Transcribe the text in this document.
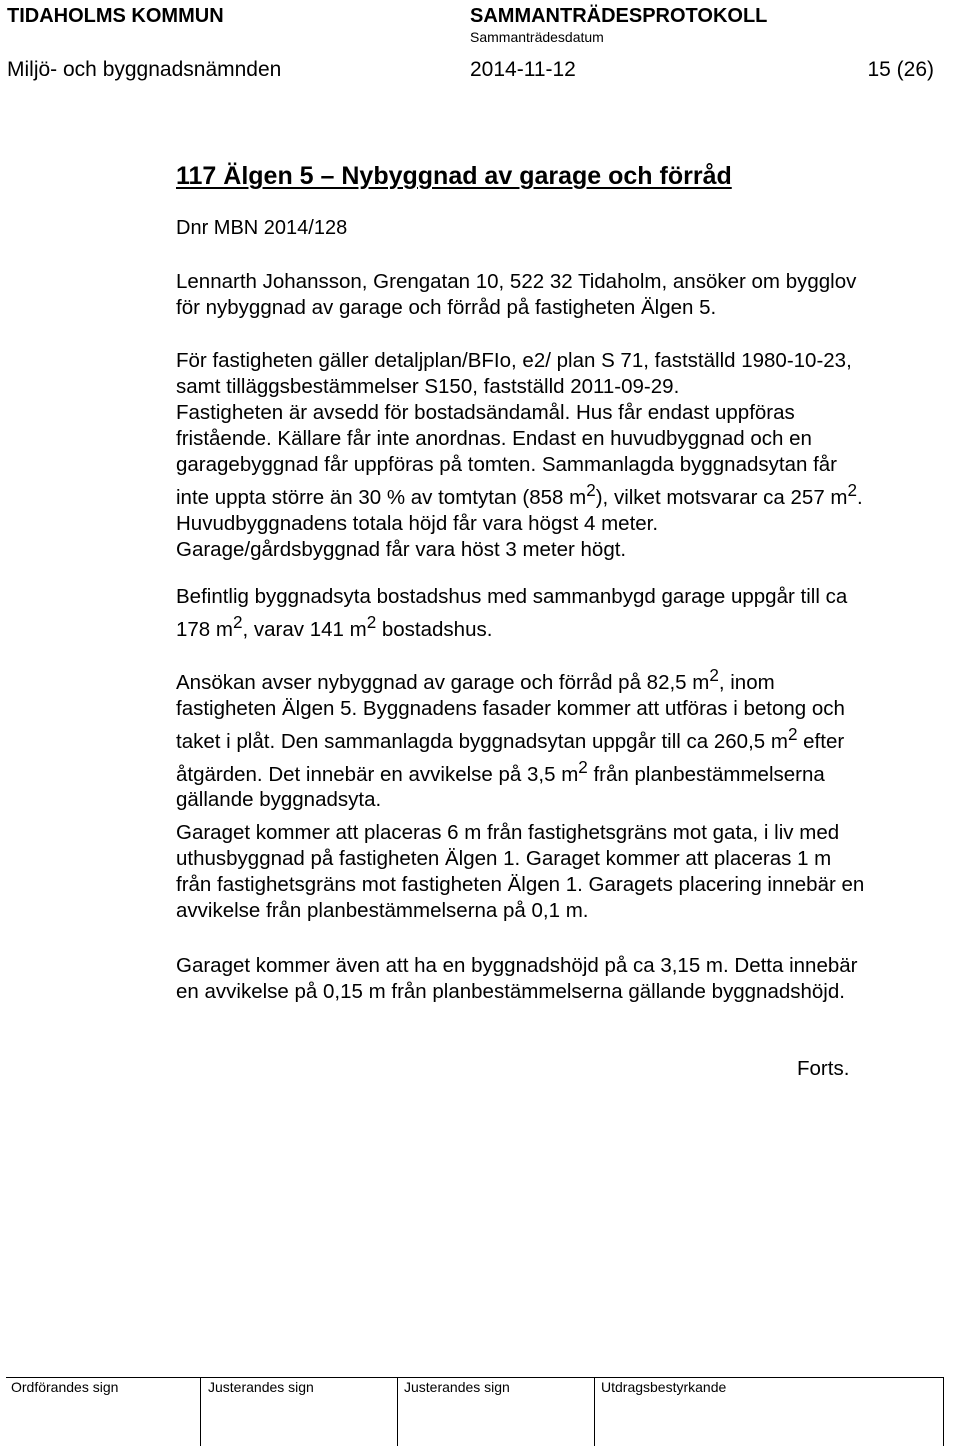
TIDAHOLMS KOMMUN	SAMMANTRÄDESPROTOKOLL
Sammanträdesdatum
Miljö- och byggnadsnämnden	2014-11-12	15 (26)
117 Älgen 5 – Nybyggnad av garage och förråd
Dnr MBN 2014/128
Lennarth Johansson, Grengatan 10, 522 32 Tidaholm, ansöker om bygglov
för nybyggnad av garage och förråd på fastigheten Älgen 5.
För fastigheten gäller detaljplan/BFIo, e2/ plan S 71, fastställd 1980-10-23,
samt tilläggsbestämmelser S150, fastställd 2011-09-29.
Fastigheten är avsedd för bostadsändamål. Hus får endast uppföras
fristående. Källare får inte anordnas. Endast en huvudbyggnad och en
garagebyggnad får uppföras på tomten. Sammanlagda byggnadsytan får
inte uppta större än 30 % av tomtytan (858 $m^2$), vilket motsvarar ca 257 $m^2$.
Huvudbyggnadens totala höjd får vara högst 4 meter.
Garage/gårdsbyggnad får vara höst 3 meter högt.
Befintlig byggnadsyta bostadshus med sammanbygd garage uppgår till ca
178 $m^2$, varav 141 $m^2$ bostadshus.
Ansökan avser nybyggnad av garage och förråd på 82,5 $m^2$, inom
fastigheten Älgen 5. Byggnadens fasader kommer att utföras i betong och
taket i plåt. Den sammanlagda byggnadsytan uppgår till ca 260,5 $m^2$ efter
åtgärden. Det innebär en avvikelse på 3,5 $m^2$ från planbestämmelserna
gällande byggnadsyta.
Garaget kommer att placeras 6 m från fastighetsgräns mot gata, i liv med
uthusbyggnad på fastigheten Älgen 1. Garaget kommer att placeras 1 m
från fastighetsgräns mot fastigheten Älgen 1. Garagets placering innebär en
avvikelse från planbestämmelserna på 0,1 m.
Garaget kommer även att ha en byggnadshöjd på ca 3,15 m. Detta innebär
en avvikelse på 0,15 m från planbestämmelserna gällande byggnadshöjd.
Forts.
Ordförandes sign	Justerandes sign	Justerandes sign	Utdragsbestyrkande
